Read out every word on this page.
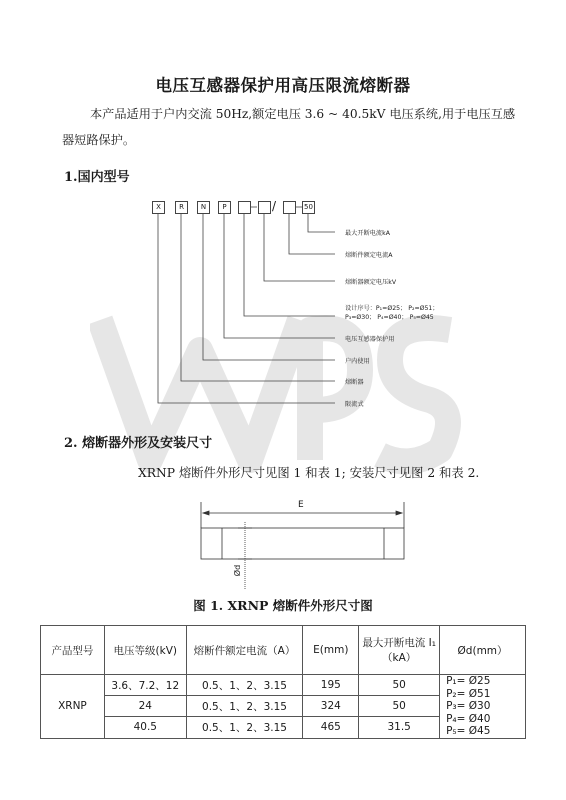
电压互感器保护用高压限流熔断器
本产品适用于户内交流 50Hz,额定电压 3.6 ~ 40.5kV 电压系统,用于电压互感器短路保护。
1.国内型号
X	R	N	P	/	50
最大开断电流kA
熔断件额定电流A
熔断器额定电压kV
设计序号：P₁=Ø25； P₂=Ø51；
P₃=Ø30； P₄=Ø40； P₅=Ø45
电压互感器保护用
户内使用
熔断器
限流式
2. 熔断器外形及安装尺寸
XRNP 熔断件外形尺寸见图 1 和表 1; 安装尺寸见图 2 和表 2.
E
Ød
图 1. XRNP 熔断件外形尺寸图
产品型号	电压等级(kV)	熔断件额定电流（A）	E(mm)	最大开断电流 I₁（kA）	Ød(mm）
XRNP	3.6、7.2、12	0.5、1、2、3.15	195	50	P₁= Ø25
P₂= Ø51
P₃= Ø30
P₄= Ø40
P₅= Ø45

	24	0.5、1、2、3.15	324	50	
	40.5	0.5、1、2、3.15	465	31.5	
